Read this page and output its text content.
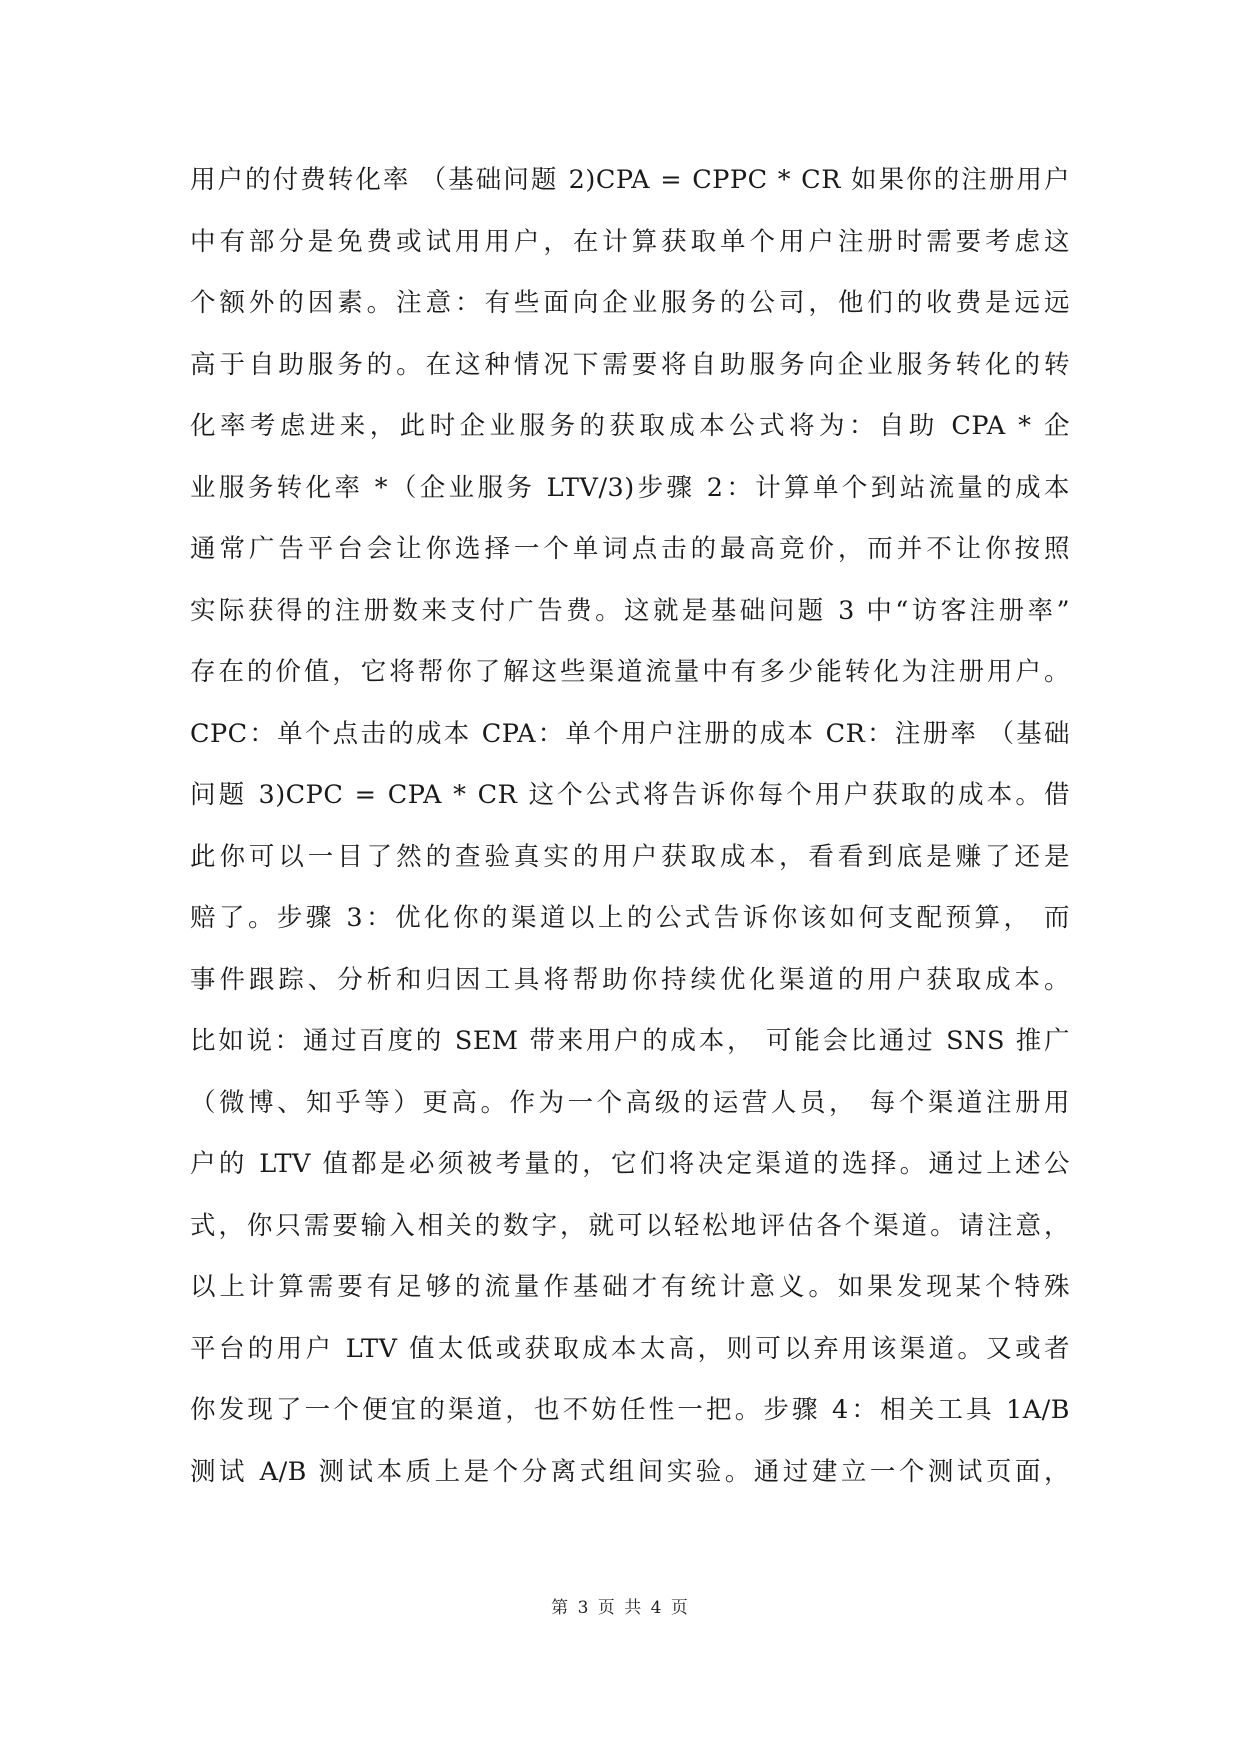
用户的付费转化率 （基础问题 2)CPA = CPPC * CR 如果你的注册用户
中有部分是免费或试用用户，在计算获取单个用户注册时需要考虑这
个额外的因素。注意：有些面向企业服务的公司，他们的收费是远远
高于自助服务的。在这种情况下需要将自助服务向企业服务转化的转
化率考虑进来，此时企业服务的获取成本公式将为：自助 CPA * 企
业服务转化率 *（企业服务 LTV/3)步骤 2：计算单个到站流量的成本
通常广告平台会让你选择一个单词点击的最高竞价，而并不让你按照
实际获得的注册数来支付广告费。这就是基础问题 3 中“访客注册率”
存在的价值，它将帮你了解这些渠道流量中有多少能转化为注册用户。
CPC：单个点击的成本 CPA：单个用户注册的成本 CR：注册率 （基础
问题 3)CPC = CPA * CR 这个公式将告诉你每个用户获取的成本。借
此你可以一目了然的查验真实的用户获取成本，看看到底是赚了还是
赔了。步骤 3：优化你的渠道以上的公式告诉你该如何支配预算， 而
事件跟踪、分析和归因工具将帮助你持续优化渠道的用户获取成本。
比如说：通过百度的 SEM 带来用户的成本， 可能会比通过 SNS 推广
（微博、知乎等）更高。作为一个高级的运营人员， 每个渠道注册用
户的 LTV 值都是必须被考量的，它们将决定渠道的选择。通过上述公
式，你只需要输入相关的数字，就可以轻松地评估各个渠道。请注意，
以上计算需要有足够的流量作基础才有统计意义。如果发现某个特殊
平台的用户 LTV 值太低或获取成本太高，则可以弃用该渠道。又或者
你发现了一个便宜的渠道，也不妨任性一把。步骤 4：相关工具 1A/B
测试 A/B 测试本质上是个分离式组间实验。通过建立一个测试页面，
第 3 页 共 4 页
